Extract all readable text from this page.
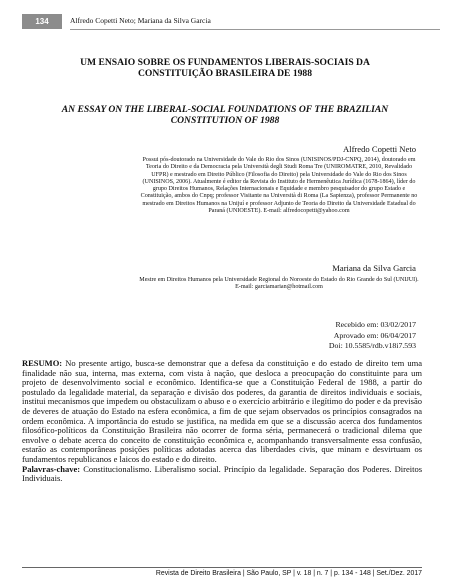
134	Alfredo Copetti Neto; Mariana da Silva Garcia
UM ENSAIO SOBRE OS FUNDAMENTOS LIBERAIS-SOCIAIS DA CONSTITUIÇÃO BRASILEIRA DE 1988
AN ESSAY ON THE LIBERAL-SOCIAL FOUNDATIONS OF THE BRAZILIAN CONSTITUTION OF 1988
Alfredo Copetti Neto
Possui pós-doutorado na Universidade do Vale do Rio dos Sinos (UNISINOS/PDJ-CNPQ, 2014), doutorado em Teoria do Direito e da Democracia pela Università degli Studi Roma Tre (UNIROMATRE, 2010, Revalidado UFPR) e mestrado em Direito Público (Filosofia do Direito) pela Universidade do Vale do Rio dos Sinos (UNISINOS, 2006). Atualmente é editor da Revista do Instituto de Hermenêutica Jurídica (1678-1864), líder do grupo Direitos Humanos, Relações Internacionais e Equidade e membro pesquisador do grupo Estado e Constituição, ambos do Cnpq; professor Visitante na Università di Roma (La Sapienza), professor Permanente no mestrado em Direitos Humanos na Unijuí e professor Adjunto de Teoria do Direito da Universidade Estadual do Paraná (UNIOESTE). E-mail: alfredocopetti@yahoo.com
Mariana da Silva Garcia
Mestre em Direitos Humanos pela Universidade Regional do Noroeste do Estado do Rio Grande do Sul (UNIJUI). E-mail: garciamarian@hotmail.com
Recebido em: 03/02/2017
Aprovado em: 06/04/2017
Doi: 10.5585/rdb.v18i7.593
RESUMO: No presente artigo, busca-se demonstrar que a defesa da constituição e do estado de direito tem uma finalidade não sua, interna, mas externa, com vista à nação, que desloca a preocupação do constituinte para um projeto de desenvolvimento social e econômico. Identifica-se que a Constituição Federal de 1988, a partir do postulado da legalidade material, da separação e divisão dos poderes, da garantia de direitos individuais e sociais, institui mecanismos que impedem ou obstaculizam o abuso e o exercício arbitrário e ilegítimo do poder e da previsão de deveres de atuação do Estado na esfera econômica, a fim de que sejam observados os princípios consagrados na ordem econômica. A importância do estudo se justifica, na medida em que se a discussão acerca dos fundamentos filosófico-políticos da Constituição Brasileira não ocorrer de forma séria, permanecerá o tradicional dilema que envolve o debate acerca do conceito de constituição econômica e, acompanhando transversalmente essa confusão, estarão as contemporâneas posições políticas adotadas acerca das liberdades civis, que minam e desvirtuam os fundamentos republicanos e laicos do estado e do direito.
Palavras-chave: Constitucionalismo. Liberalismo social. Princípio da legalidade. Separação dos Poderes. Direitos Individuais.
Revista de Direito Brasileira | São Paulo, SP | v. 18 | n. 7 | p. 134 - 148 | Set./Dez. 2017
